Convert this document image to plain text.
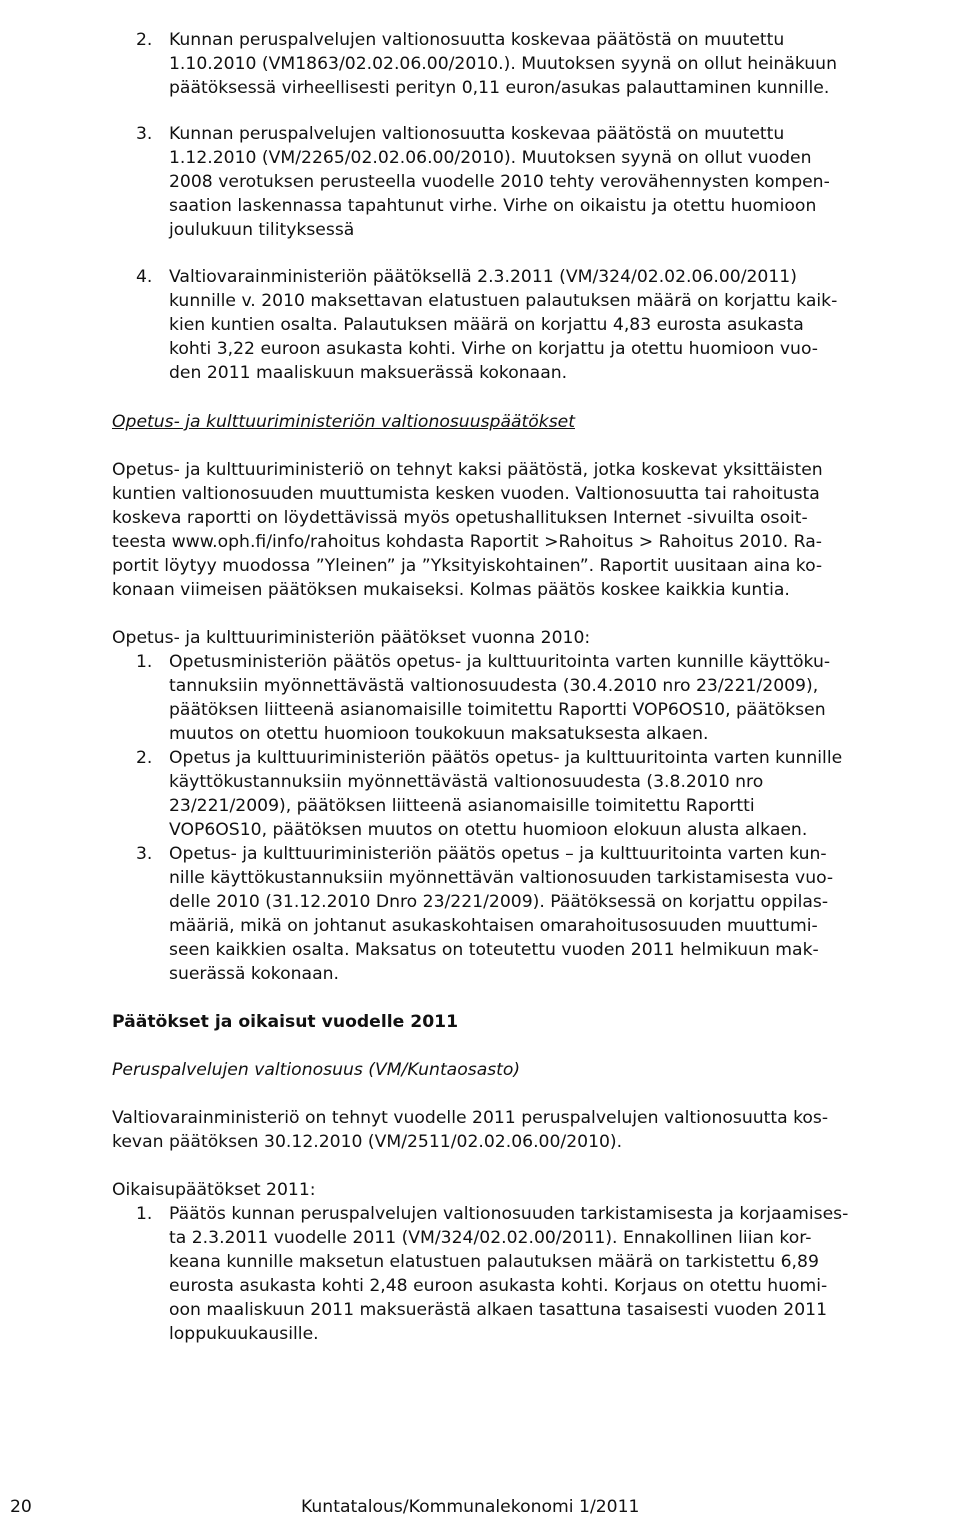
2. Kunnan peruspalvelujen valtionosuutta koskevaa päätöstä on muutettu
1.10.2010 (VM1863/02.02.06.00/2010.). Muutoksen syynä on ollut heinäkuun
päätöksessä virheellisesti perityn 0,11 euron/asukas palauttaminen kunnille.
3. Kunnan peruspalvelujen valtionosuutta koskevaa päätöstä on muutettu
1.12.2010 (VM/2265/02.02.06.00/2010). Muutoksen syynä on ollut vuoden
2008 verotuksen perusteella vuodelle 2010 tehty verovähennysten kompen-
saation laskennassa tapahtunut virhe. Virhe on oikaistu ja otettu huomioon
joulukuun tilityksessä
4. Valtiovarainministeriön päätöksellä 2.3.2011 (VM/324/02.02.06.00/2011)
kunnille v. 2010 maksettavan elatustuen palautuksen määrä on korjattu kaik-
kien kuntien osalta. Palautuksen määrä on korjattu 4,83 eurosta asukasta
kohti 3,22 euroon asukasta kohti. Virhe on korjattu ja otettu huomioon vuo-
den 2011 maaliskuun maksuerässä kokonaan.
Opetus- ja kulttuuriministeriön valtionosuuspäätökset
Opetus- ja kulttuuriministeriö on tehnyt kaksi päätöstä, jotka koskevat yksittäisten
kuntien valtionosuuden muuttumista kesken vuoden. Valtionosuutta tai rahoitusta
koskeva raportti on löydettävissä myös opetushallituksen Internet -sivuilta osoit-
teesta www.oph.fi/info/rahoitus kohdasta Raportit >Rahoitus > Rahoitus 2010. Ra-
portit löytyy muodossa ”Yleinen” ja ”Yksityiskohtainen”. Raportit uusitaan aina ko-
konaan viimeisen päätöksen mukaiseksi. Kolmas päätös koskee kaikkia kuntia.
Opetus- ja kulttuuriministeriön päätökset vuonna 2010:
1. Opetusministeriön päätös opetus- ja kulttuuritointa varten kunnille käyttöku-
tannuksiin myönnettävästä valtionosuudesta (30.4.2010 nro 23/221/2009),
päätöksen liitteenä asianomaisille toimitettu Raportti VOP6OS10, päätöksen
muutos on otettu huomioon toukokuun maksatuksesta alkaen.
2. Opetus ja kulttuuriministeriön päätös opetus- ja kulttuuritointa varten kunnille
käyttökustannuksiin myönnettävästä valtionosuudesta (3.8.2010 nro
23/221/2009), päätöksen liitteenä asianomaisille toimitettu Raportti
VOP6OS10, päätöksen muutos on otettu huomioon elokuun alusta alkaen.
3. Opetus- ja kulttuuriministeriön päätös opetus – ja kulttuuritointa varten kun-
nille käyttökustannuksiin myönnettävän valtionosuuden tarkistamisesta vuo-
delle 2010 (31.12.2010 Dnro 23/221/2009). Päätöksessä on korjattu oppilas-
määriä, mikä on johtanut asukaskohtaisen omarahoitusosuuden muuttumi-
seen kaikkien osalta. Maksatus on toteutettu vuoden 2011 helmikuun mak-
suerässä kokonaan.
Päätökset ja oikaisut vuodelle 2011
Peruspalvelujen valtionosuus (VM/Kuntaosasto)
Valtiovarainministeriö on tehnyt vuodelle 2011 peruspalvelujen valtionosuutta kos-
kevan päätöksen 30.12.2010 (VM/2511/02.02.06.00/2010).
Oikaisupäätökset 2011:
1. Päätös kunnan peruspalvelujen valtionosuuden tarkistamisesta ja korjaamises-
ta 2.3.2011 vuodelle 2011 (VM/324/02.02.00/2011). Ennakollinen liian kor-
keana kunnille maksetun elatustuen palautuksen määrä on tarkistettu 6,89
eurosta asukasta kohti 2,48 euroon asukasta kohti. Korjaus on otettu huomi-
oon maaliskuun 2011 maksuerästä alkaen tasattuna tasaisesti vuoden 2011
loppukuukausille.
20	Kuntatalous/Kommunalekonomi 1/2011
